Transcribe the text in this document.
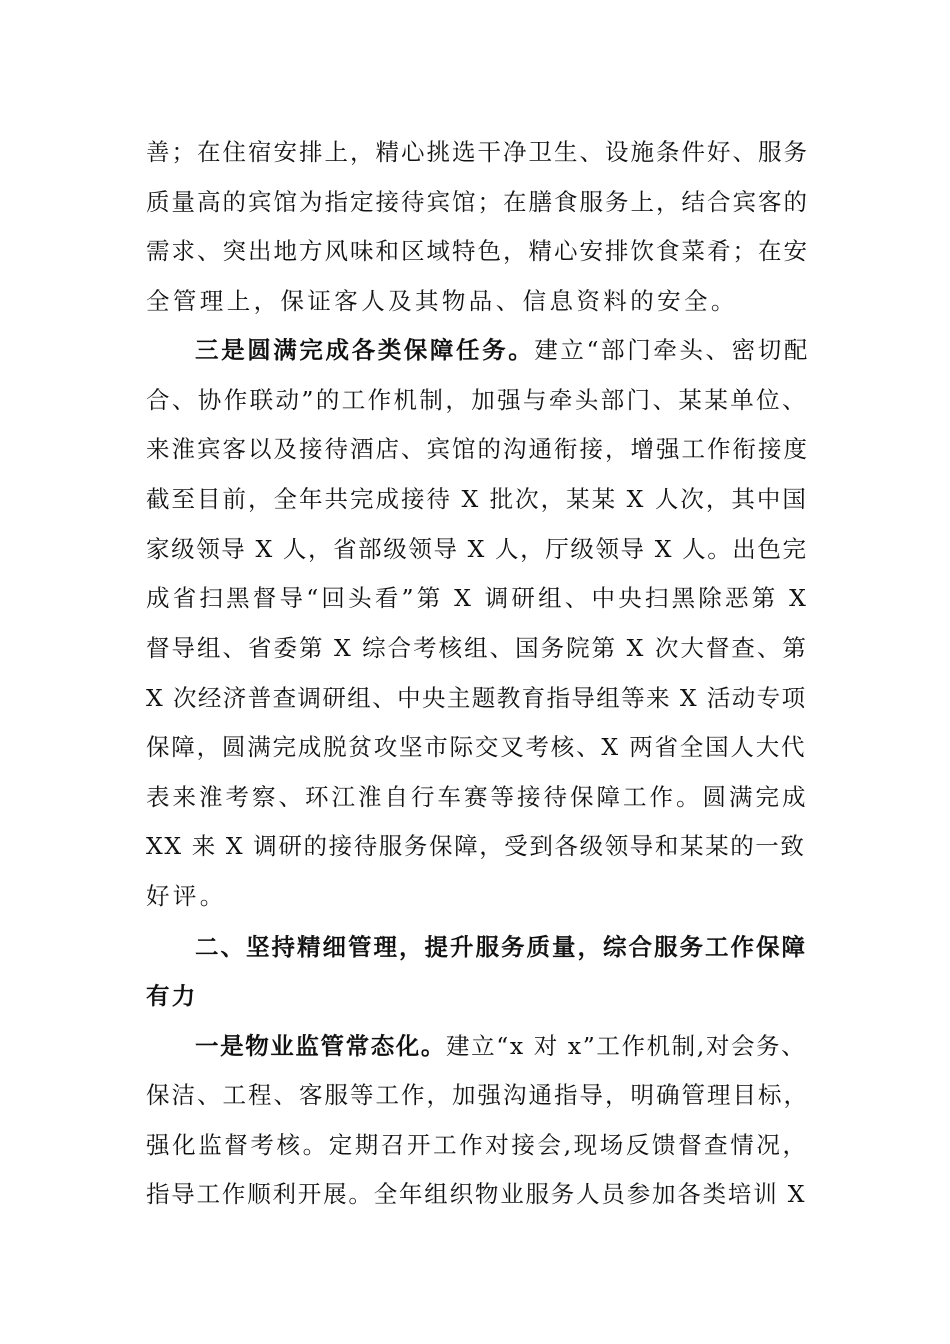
善；在住宿安排上，精心挑选干净卫生、设施条件好、服务
质量高的宾馆为指定接待宾馆；在膳食服务上，结合宾客的
需求、突出地方风味和区域特色，精心安排饮食菜肴；在安
全管理上，保证客人及其物品、信息资料的安全。
三是圆满完成各类保障任务。建立“部门牵头、密切配
合、协作联动”的工作机制，加强与牵头部门、某某单位、
来淮宾客以及接待酒店、宾馆的沟通衔接，增强工作衔接度
截至目前，全年共完成接待 X 批次，某某 X 人次，其中国
家级领导 X 人，省部级领导 X 人，厅级领导 X 人。出色完
成省扫黑督导“回头看”第 X 调研组、中央扫黑除恶第 X
督导组、省委第 X 综合考核组、国务院第 X 次大督查、第
X 次经济普查调研组、中央主题教育指导组等来 X 活动专项
保障，圆满完成脱贫攻坚市际交叉考核、X 两省全国人大代
表来淮考察、环江淮自行车赛等接待保障工作。圆满完成
XX 来 X 调研的接待服务保障，受到各级领导和某某的一致
好评。
二、坚持精细管理，提升服务质量，综合服务工作保障
有力
一是物业监管常态化。建立“x 对 x”工作机制,对会务、
保洁、工程、客服等工作，加强沟通指导，明确管理目标，
强化监督考核。定期召开工作对接会,现场反馈督查情况，
指导工作顺利开展。全年组织物业服务人员参加各类培训 X
